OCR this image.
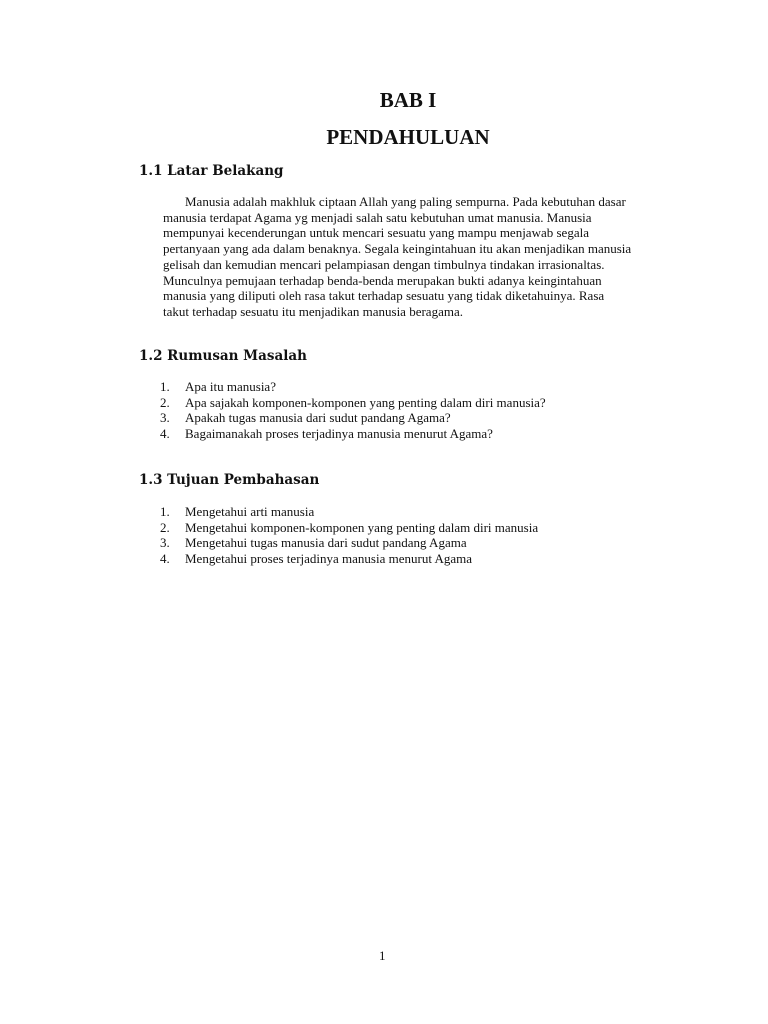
BAB I
PENDAHULUAN
1.1 Latar Belakang
Manusia adalah makhluk ciptaan Allah yang paling sempurna. Pada kebutuhan dasar
manusia terdapat Agama yg menjadi salah satu kebutuhan umat manusia. Manusia
mempunyai kecenderungan untuk mencari sesuatu yang mampu menjawab segala
pertanyaan yang ada dalam benaknya. Segala keingintahuan itu akan menjadikan manusia
gelisah dan kemudian mencari pelampiasan dengan timbulnya tindakan irrasionaltas.
Munculnya pemujaan terhadap benda-benda merupakan bukti adanya keingintahuan
manusia yang diliputi oleh rasa takut terhadap sesuatu yang tidak diketahuinya. Rasa
takut terhadap sesuatu itu menjadikan manusia beragama.
1.2 Rumusan Masalah
1. Apa itu manusia?
2. Apa sajakah komponen-komponen yang penting dalam diri manusia?
3. Apakah tugas manusia dari sudut pandang Agama?
4. Bagaimanakah proses terjadinya manusia menurut Agama?
1.3 Tujuan Pembahasan
1. Mengetahui arti manusia
2. Mengetahui komponen-komponen yang penting dalam diri manusia
3. Mengetahui tugas manusia dari sudut pandang Agama
4. Mengetahui proses terjadinya manusia menurut Agama
1
